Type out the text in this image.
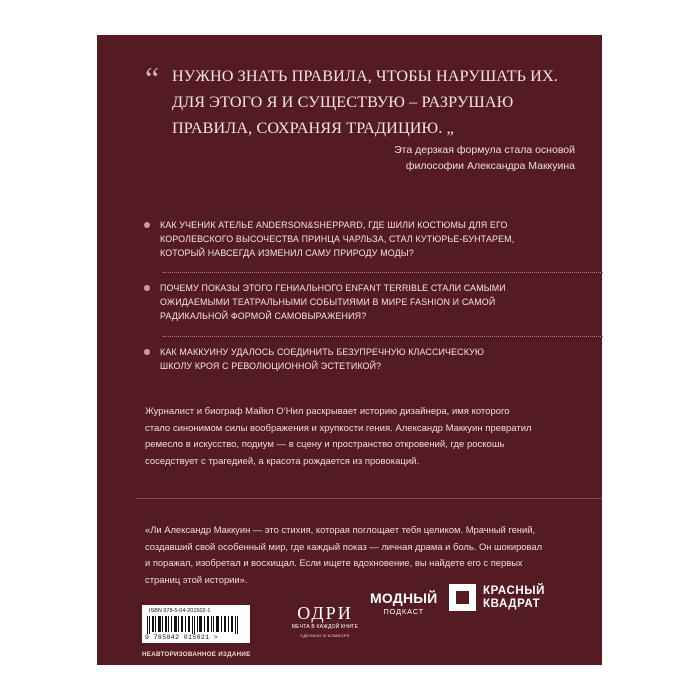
“ НУЖНО ЗНАТЬ ПРАВИЛА, ЧТОБЫ НАРУШАТЬ ИХ.
ДЛЯ ЭТОГО Я И СУЩЕСТВУЮ – РАЗРУШАЮ
ПРАВИЛА, СОХРАНЯЯ ТРАДИЦИЮ. „
Эта дерзкая формула стала основой
философии Александра Маккуина
КАК УЧЕНИК АТЕЛЬЕ ANDERSON&SHEPPARD, ГДЕ ШИЛИ КОСТЮМЫ ДЛЯ ЕГО
КОРОЛЕВСКОГО ВЫСОЧЕСТВА ПРИНЦА ЧАРЛЬЗА, СТАЛ КУТЮРЬЕ-БУНТАРЕМ,
КОТОРЫЙ НАВСЕГДА ИЗМЕНИЛ САМУ ПРИРОДУ МОДЫ?
ПОЧЕМУ ПОКАЗЫ ЭТОГО ГЕНИАЛЬНОГО ENFANT TERRIBLE СТАЛИ САМЫМИ
ОЖИДАЕМЫМИ ТЕАТРАЛЬНЫМИ СОБЫТИЯМИ В МИРЕ FASHION И САМОЙ
РАДИКАЛЬНОЙ ФОРМОЙ САМОВЫРАЖЕНИЯ?
КАК МАККУИНУ УДАЛОСЬ СОЕДИНИТЬ БЕЗУПРЕЧНУЮ КЛАССИЧЕСКУЮ
ШКОЛУ КРОЯ С РЕВОЛЮЦИОННОЙ ЭСТЕТИКОЙ?
Журналист и биограф Майкл О’Нил раскрывает историю дизайнера, имя которого
стало синонимом силы воображения и хрупкости гения. Александр Маккуин превратил
ремесло в искусство, подиум — в сцену и пространство откровений, где роскошь
соседствует с трагедией, а красота рождается из провокаций.
«Ли Александр Маккуин — это стихия, которая поглощает тебя целиком. Мрачный гений,
создавший свой особенный мир, где каждый показ — личная драма и боль. Он шокировал
и поражал, изобретал и восхищал. Если ищете вдохновение, вы найдете его с первых
страниц этой истории».
МОДНЫЙ
ПОДКАСТ
КРАСНЫЙ
КВАДРАТ
ISBN 978-5-04-201502-1
9 785042 015021 >
НЕАВТОРИЗОВАННОЕ ИЗДАНИЕ
ОДРИ
МЕЧТА В КАЖДОЙ КНИГЕ
СДЕЛАНО В БОМБОРЕ
